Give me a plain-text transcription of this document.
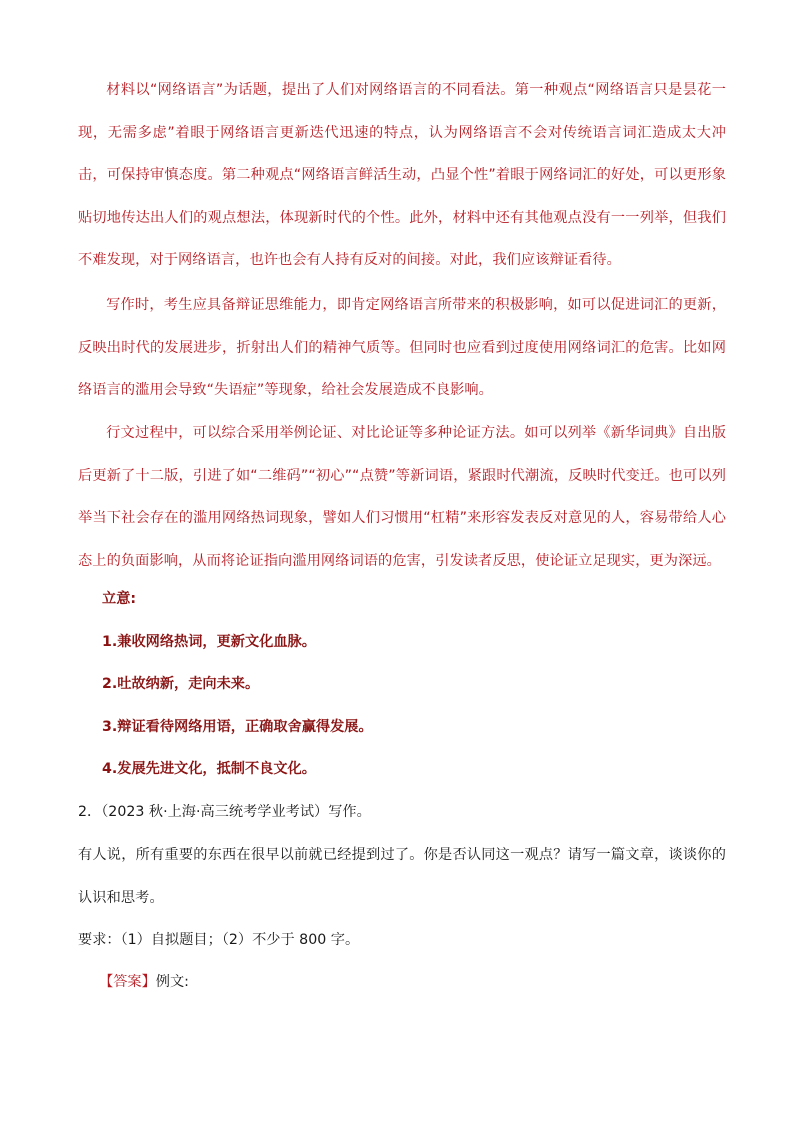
材料以“网络语言”为话题，提出了人们对网络语言的不同看法。第一种观点“网络语言只是昙花一现，无需多虑”着眼于网络语言更新迭代迅速的特点，认为网络语言不会对传统语言词汇造成太大冲击，可保持审慎态度。第二种观点“网络语言鲜活生动，凸显个性”着眼于网络词汇的好处，可以更形象贴切地传达出人们的观点想法，体现新时代的个性。此外，材料中还有其他观点没有一一列举，但我们不难发现，对于网络语言，也许也会有人持有反对的间接。对此，我们应该辩证看待。
写作时，考生应具备辩证思维能力，即肯定网络语言所带来的积极影响，如可以促进词汇的更新，反映出时代的发展进步，折射出人们的精神气质等。但同时也应看到过度使用网络词汇的危害。比如网络语言的滥用会导致“失语症”等现象，给社会发展造成不良影响。
行文过程中，可以综合采用举例论证、对比论证等多种论证方法。如可以列举《新华词典》自出版后更新了十二版，引进了如“二维码”“初心”“点赞”等新词语，紧跟时代潮流，反映时代变迁。也可以列举当下社会存在的滥用网络热词现象，譬如人们习惯用“杠精”来形容发表反对意见的人，容易带给人心态上的负面影响，从而将论证指向滥用网络词语的危害，引发读者反思，使论证立足现实，更为深远。
立意:
1.兼收网络热词，更新文化血脉。
2.吐故纳新，走向未来。
3.辩证看待网络用语，正确取舍赢得发展。
4.发展先进文化，抵制不良文化。
2．（2023 秋·上海·高三统考学业考试）写作。
有人说，所有重要的东西在很早以前就已经提到过了。你是否认同这一观点？请写一篇文章，谈谈你的认识和思考。
要求：（1）自拟题目；（2）不少于 800 字。
【答案】例文:
